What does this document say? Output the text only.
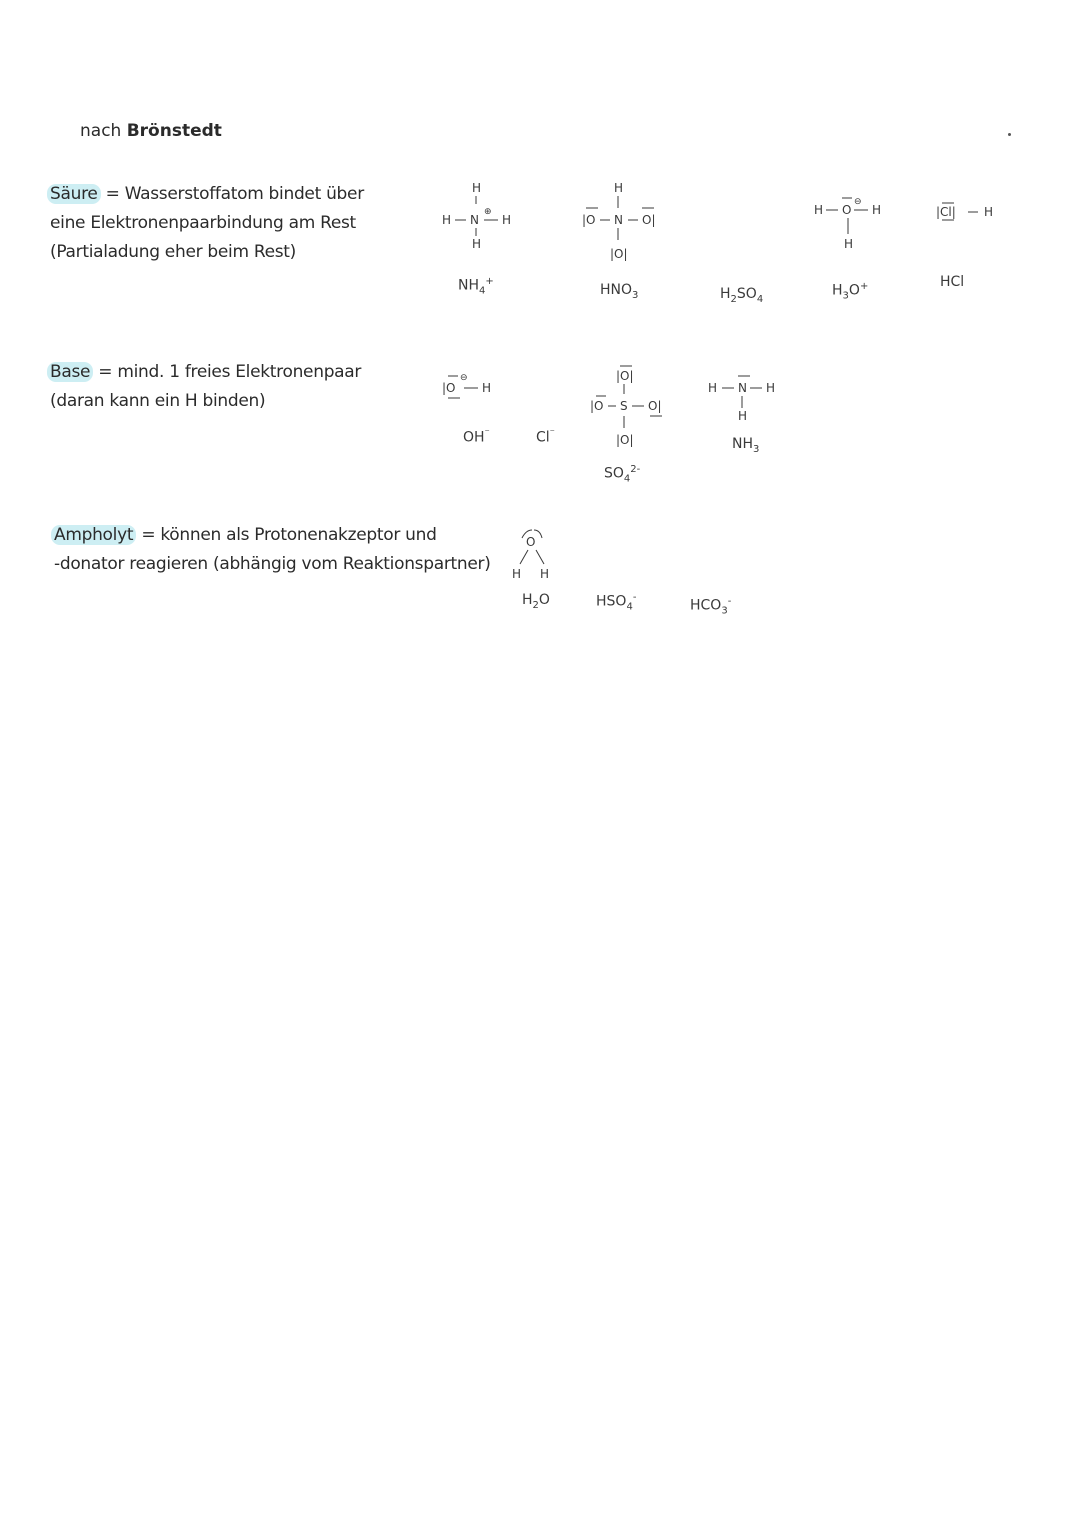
nach Brönstedt
Säure = Wasserstoffatom bindet über
eine Elektronenpaarbindung am Rest
(Partialadung eher beim Rest)
Base = mind. 1 freies Elektronenpaar
(daran kann ein H binden)
Ampholyt = können als Protonenakzeptor und
-donator reagieren (abhängig vom Reaktionspartner)
H
H N H
H
⊕
$NH_4^+$
H
|O N O|
|O|
$HNO_3$	$H_2SO_4$
H O H
H
⊖
$H_3O^+$
|Cl| H
HCl
|O H
⊖
OH⁻	Cl⁻
|O|
|O S O|
|O|
$SO_4^{2-}$
H N H
H
$NH_3$
O
H H
$H_2O$	$HSO_4^-$
$HCO_3^-$
